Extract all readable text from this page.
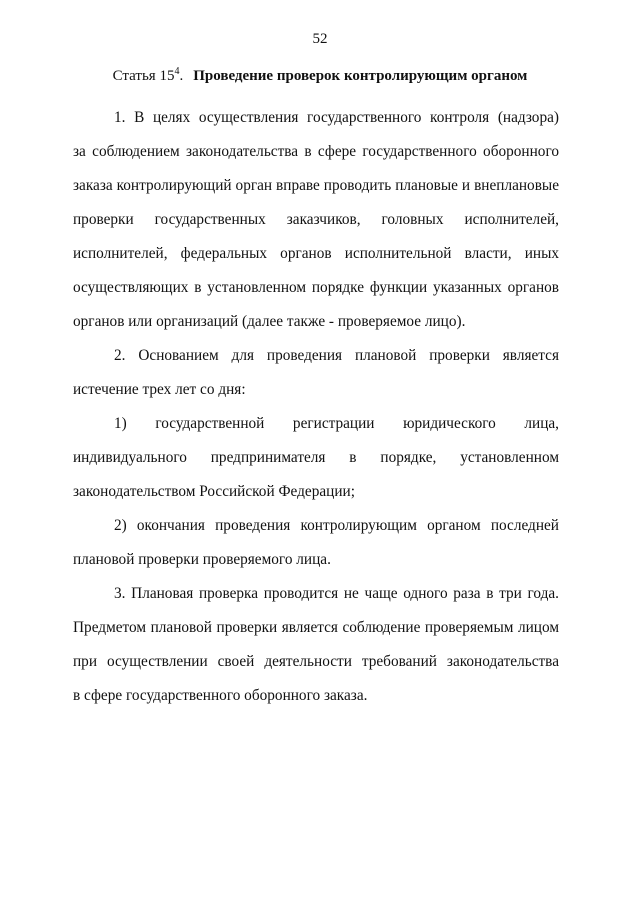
52
Статья $15^4$. Проведение проверок контролирующим органом

1. В целях осуществления государственного контроля (надзора)
за соблюдением законодательства в сфере государственного оборонного
заказа контролирующий орган вправе проводить плановые и внеплановые
проверки государственных заказчиков, головных исполнителей,
исполнителей, федеральных органов исполнительной власти, иных
осуществляющих в установленном порядке функции указанных органов
органов или организаций (далее также - проверяемое лицо).

2. Основанием для проведения плановой проверки является
истечение трех лет со дня:

1) государственной регистрации юридического лица,
индивидуального предпринимателя в порядке, установленном
законодательством Российской Федерации;

2) окончания проведения контролирующим органом последней
плановой проверки проверяемого лица.

3. Плановая проверка проводится не чаще одного раза в три года.
Предметом плановой проверки является соблюдение проверяемым лицом
при осуществлении своей деятельности требований законодательства
в сфере государственного оборонного заказа.
